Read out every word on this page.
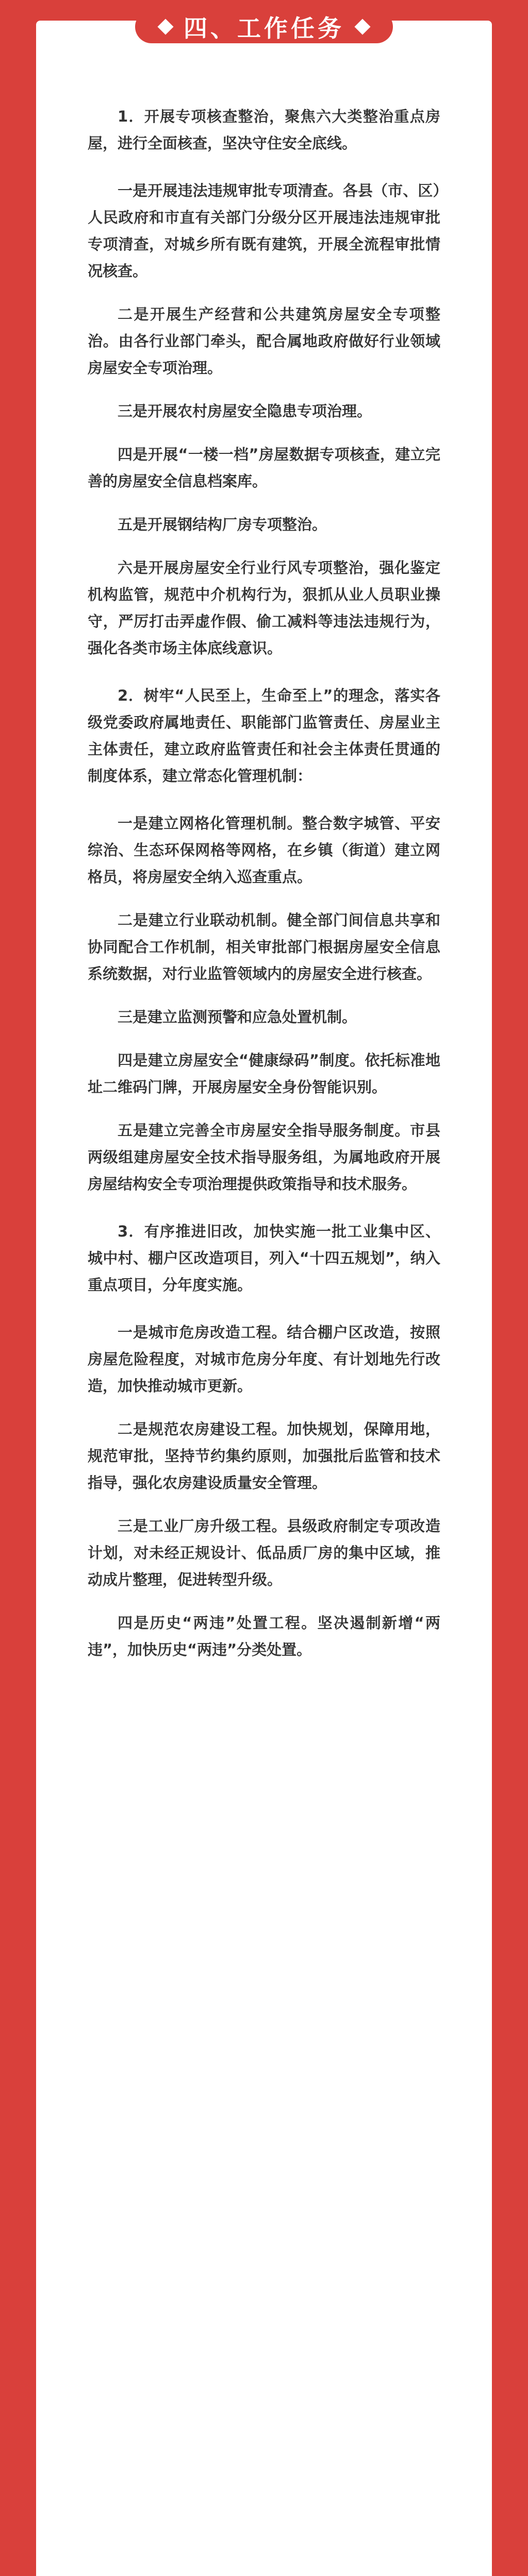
四、工作任务

1．开展专项核查整治，聚焦六大类整治重点房屋，进行全面核查，坚决守住安全底线。

一是开展违法违规审批专项清查。各县（市、区）人民政府和市直有关部门分级分区开展违法违规审批专项清查，对城乡所有既有建筑，开展全流程审批情况核查。

二是开展生产经营和公共建筑房屋安全专项整治。由各行业部门牵头，配合属地政府做好行业领域房屋安全专项治理。

三是开展农村房屋安全隐患专项治理。

四是开展“一楼一档”房屋数据专项核查，建立完善的房屋安全信息档案库。

五是开展钢结构厂房专项整治。

六是开展房屋安全行业行风专项整治，强化鉴定机构监管，规范中介机构行为，狠抓从业人员职业操守，严厉打击弄虚作假、偷工减料等违法违规行为，强化各类市场主体底线意识。

2．树牢“人民至上，生命至上”的理念，落实各级党委政府属地责任、职能部门监管责任、房屋业主主体责任，建立政府监管责任和社会主体责任贯通的制度体系，建立常态化管理机制：

一是建立网格化管理机制。整合数字城管、平安综治、生态环保网格等网格，在乡镇（街道）建立网格员，将房屋安全纳入巡查重点。

二是建立行业联动机制。健全部门间信息共享和协同配合工作机制，相关审批部门根据房屋安全信息系统数据，对行业监管领域内的房屋安全进行核查。

三是建立监测预警和应急处置机制。

四是建立房屋安全“健康绿码”制度。依托标准地址二维码门牌，开展房屋安全身份智能识别。

五是建立完善全市房屋安全指导服务制度。市县两级组建房屋安全技术指导服务组，为属地政府开展房屋结构安全专项治理提供政策指导和技术服务。

3．有序推进旧改，加快实施一批工业集中区、城中村、棚户区改造项目，列入“十四五规划”，纳入重点项目，分年度实施。

一是城市危房改造工程。结合棚户区改造，按照房屋危险程度，对城市危房分年度、有计划地先行改造，加快推动城市更新。

二是规范农房建设工程。加快规划，保障用地，规范审批，坚持节约集约原则，加强批后监管和技术指导，强化农房建设质量安全管理。

三是工业厂房升级工程。县级政府制定专项改造计划，对未经正规设计、低品质厂房的集中区域，推动成片整理，促进转型升级。

四是历史“两违”处置工程。坚决遏制新增“两违”，加快历史“两违”分类处置。
